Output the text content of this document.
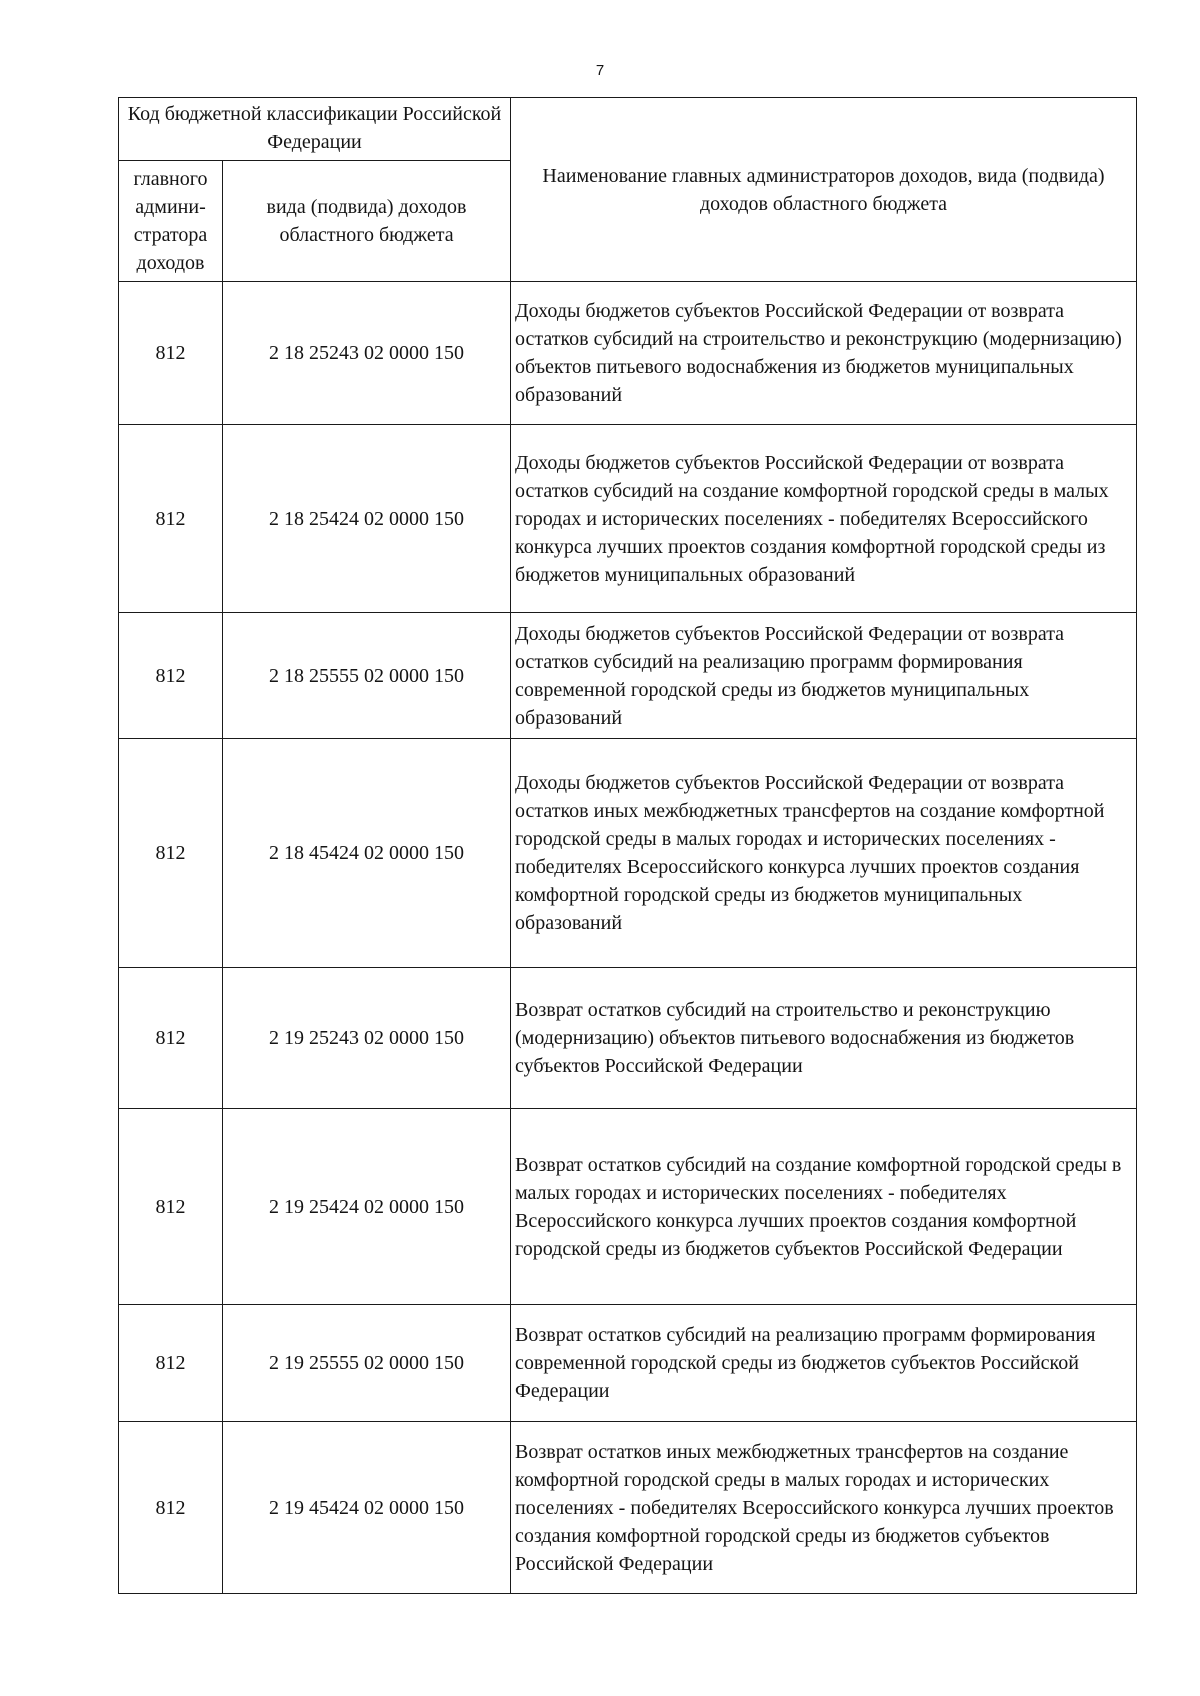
7
Код бюджетной классификации Российской Федерации		Наименование главных администраторов доходов, вида (подвида) доходов областного бюджета
главного админи-стратора доходов	вида (подвида) доходов областного бюджета	
812	2 18 25243 02 0000 150	Доходы бюджетов субъектов Российской Федерации от возврата остатков субсидий на строительство и реконструкцию (модернизацию) объектов питьевого водоснабжения из бюджетов муниципальных образований
812	2 18 25424 02 0000 150	Доходы бюджетов субъектов Российской Федерации от возврата остатков субсидий на создание комфортной городской среды в малых городах и исторических поселениях - победителях Всероссийского конкурса лучших проектов создания комфортной городской среды из бюджетов муниципальных образований
812	2 18 25555 02 0000 150	Доходы бюджетов субъектов Российской Федерации от возврата остатков субсидий на реализацию программ формирования современной городской среды из бюджетов муниципальных образований
812	2 18 45424 02 0000 150	Доходы бюджетов субъектов Российской Федерации от возврата остатков иных межбюджетных трансфертов на создание комфортной городской среды в малых городах и исторических поселениях - победителях Всероссийского конкурса лучших проектов создания комфортной городской среды из бюджетов муниципальных образований
812	2 19 25243 02 0000 150	Возврат остатков субсидий на строительство и реконструкцию (модернизацию) объектов питьевого водоснабжения из бюджетов субъектов Российской Федерации
812	2 19 25424 02 0000 150	Возврат остатков субсидий на создание комфортной городской среды в малых городах и исторических поселениях - победителях Всероссийского конкурса лучших проектов создания комфортной городской среды из бюджетов субъектов Российской Федерации
812	2 19 25555 02 0000 150	Возврат остатков субсидий на реализацию программ формирования современной городской среды из бюджетов субъектов Российской Федерации
812	2 19 45424 02 0000 150	Возврат остатков иных межбюджетных трансфертов на создание комфортной городской среды в малых городах и исторических поселениях - победителях Всероссийского конкурса лучших проектов создания комфортной городской среды из бюджетов субъектов Российской Федерации
